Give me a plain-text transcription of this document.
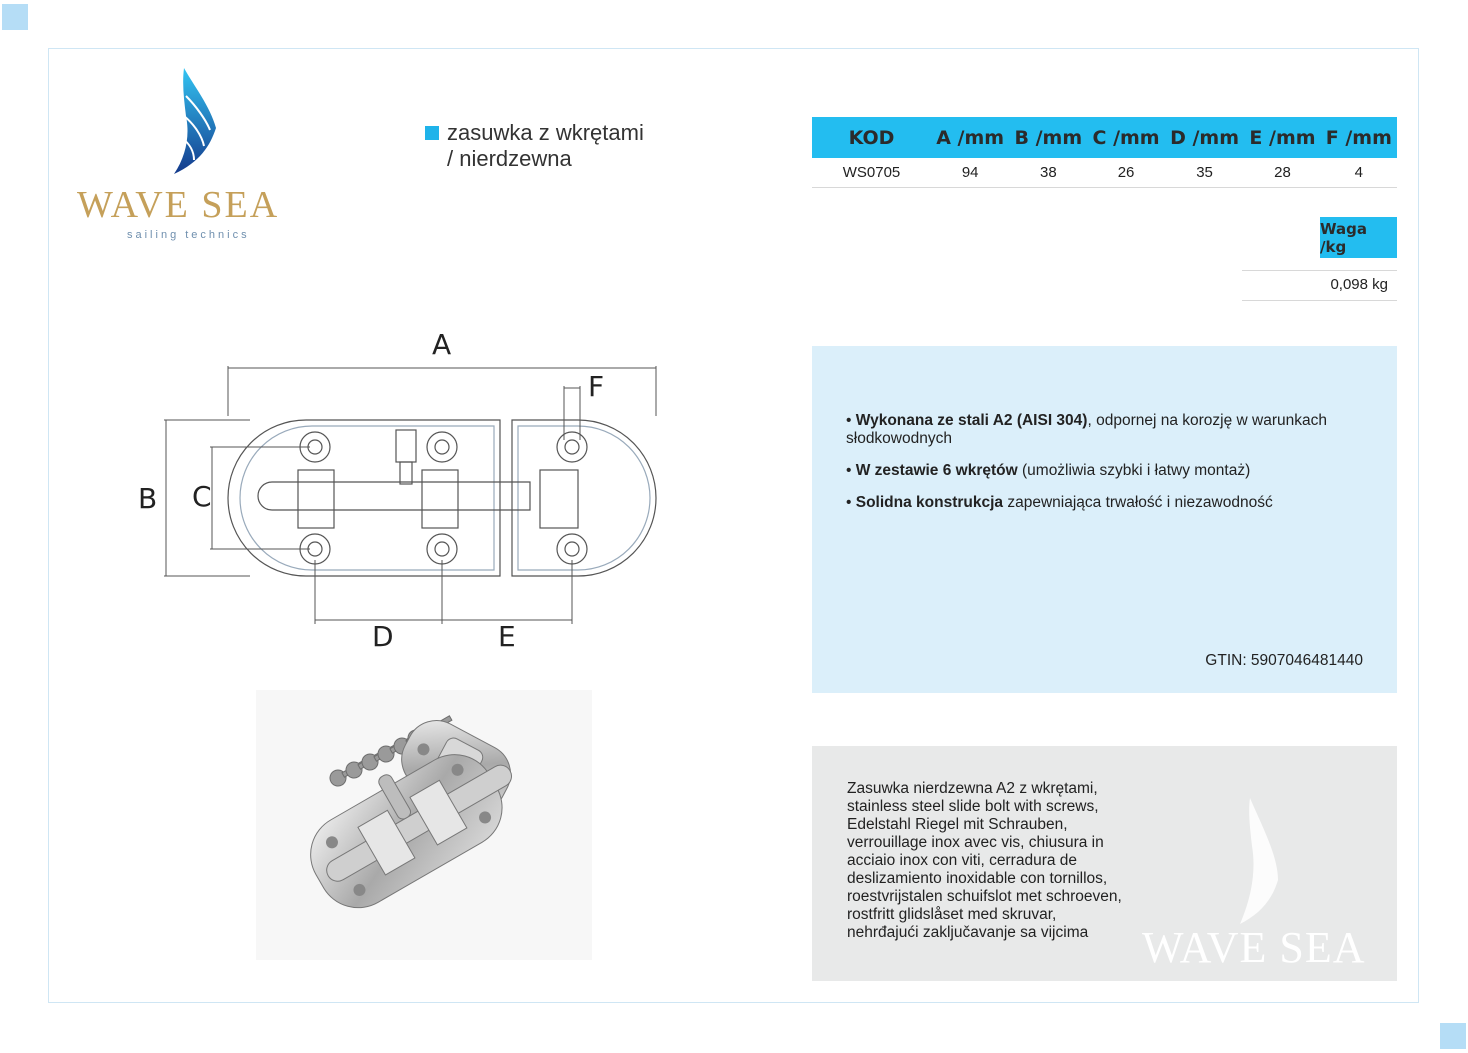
WAVE SEA
sailing technics
zasuwka z wkrętami
/ nierdzewna
KOD	A /mm	B /mm	C /mm	D /mm	E /mm	F /mm
WS0705	94	38	26	35	28	4
Waga /kg
0,098 kg
A
F
B C
D	E

• Wykonana ze stali A2 (AISI 304), odpornej na korozję w warunkach słodkowodnych

• W zestawie 6 wkrętów (umożliwia szybki i łatwy montaż)

• Solidna konstrukcja zapewniająca trwałość i niezawodność

GTIN: 5907046481440
WAVE SEA
Zasuwka nierdzewna A2 z wkrętami, stainless steel slide bolt with screws, Edelstahl Riegel mit Schrauben, verrouillage inox avec vis, chiusura in acciaio inox con viti, cerradura de deslizamiento inoxidable con tornillos, roestvrijstalen schuifslot met schroeven, rostfritt glidslåset med skruvar, nehrđajući zaključavanje sa vijcima
